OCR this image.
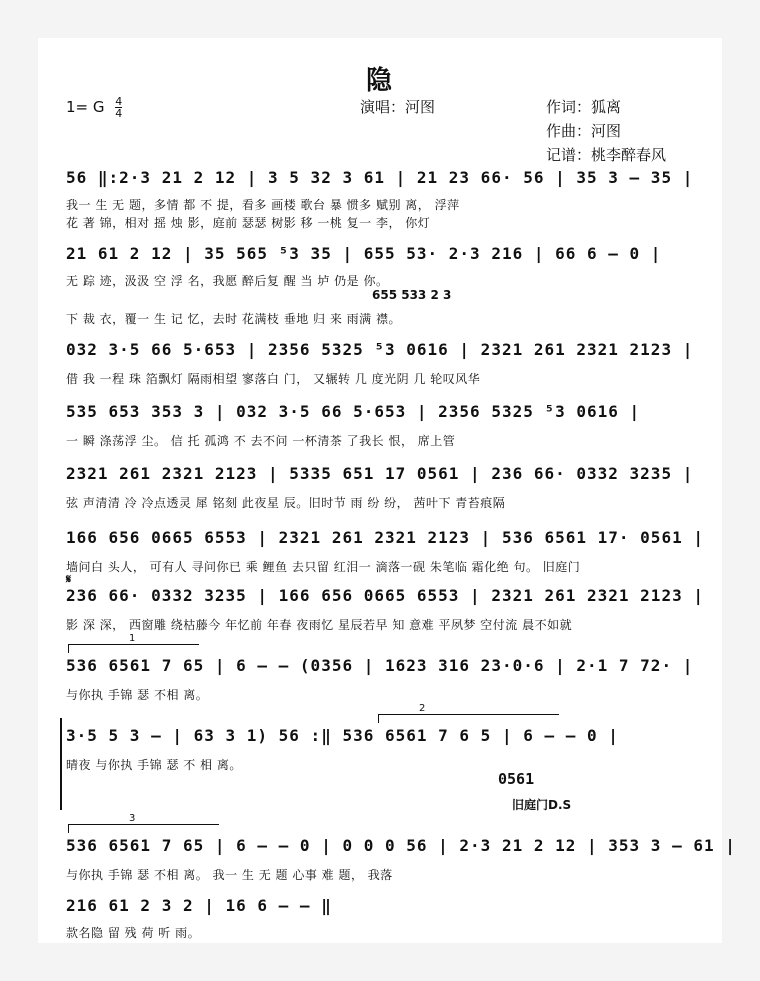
隐
1= G $\frac{4}{4}$	演唱：河图	作词：狐离
作曲：河图
记谱：桃李醉春风
56 ‖:2·3 21 2 12 | 3 5 32 3 61 | 21 23 66· 56 | 35 3 – 35 |
我一 生 无 题，多情 都 不 提，看多 画楼 歌台 暴 惯多 赋别 离， 浮萍
花 著 锦，相对 摇 烛 影，庭前 瑟瑟 树影 移 一桃 复一 李， 你灯
21 61 2 12 | 35 565 ⁵3 35 | 655 53· 2·3 216 | 66 6 – 0 |
无 踪 迹，汲汲 空 浮 名，我愿 醉后复 醒 当 垆 仍是 你。
655 533 2 3
下 裁 衣，覆一 生 记 忆，去时 花满枝 垂地 归 来 雨满 襟。
032 3·5 66 5·653 | 2356 5325 ⁵3 0616 | 2321 261 2321 2123 |
借 我 一程 珠 箔飘灯 隔雨相望 寥落白 门， 又辗转 几 度光阴 几 轮叹风华
535 653 353 3 | 032 3·5 66 5·653 | 2356 5325 ⁵3 0616 |
一 瞬 涤荡浮 尘。 信 托 孤鸿 不 去不问 一杯清茶 了我长 恨， 席上管
2321 261 2321 2123 | 5335 651 17 0561 | 236 66· 0332 3235 |
弦 声清清 冷 冷点透灵 犀 铭刻 此夜星 辰。旧时节 雨 纷 纷， 茜叶下 青苔痕隔
166 656 0665 6553 | 2321 261 2321 2123 | 536 6561 17· 0561 |
墙问白 头人， 可有人 寻问你已 乘 鲤鱼 去只留 红泪一 滴落一砚 朱笔临 霜化绝 句。 旧庭门
𝄋
236 66· 0332 3235 | 166 656 0665 6553 | 2321 261 2321 2123 |
影 深 深， 西窗雕 绕枯藤今 年忆前 年春 夜雨忆 星辰若早 知 意难 平夙梦 空付流 晨不如就
1
536 6561 7 65 | 6 – – (0356 | 1623 316 23·0·6 | 2·1 7 72· |
与你执 手锦 瑟 不相 离。
2
3·5 5 3 – | 63 3 1) 56 :‖ 536 6561 7 6 5 | 6 – – 0 |
晴夜 与你执 手锦 瑟 不 相 离。
0561
旧庭门D.S
3
536 6561 7 65 | 6 – – 0 | 0 0 0 56 | 2·3 21 2 12 | 353 3 – 61 |
与你执 手锦 瑟 不相 离。 我一 生 无 题 心事 难 题， 我落
216 61 2 3 2 | 16 6 – – ‖
款名隐 留 残 荷 听 雨。
